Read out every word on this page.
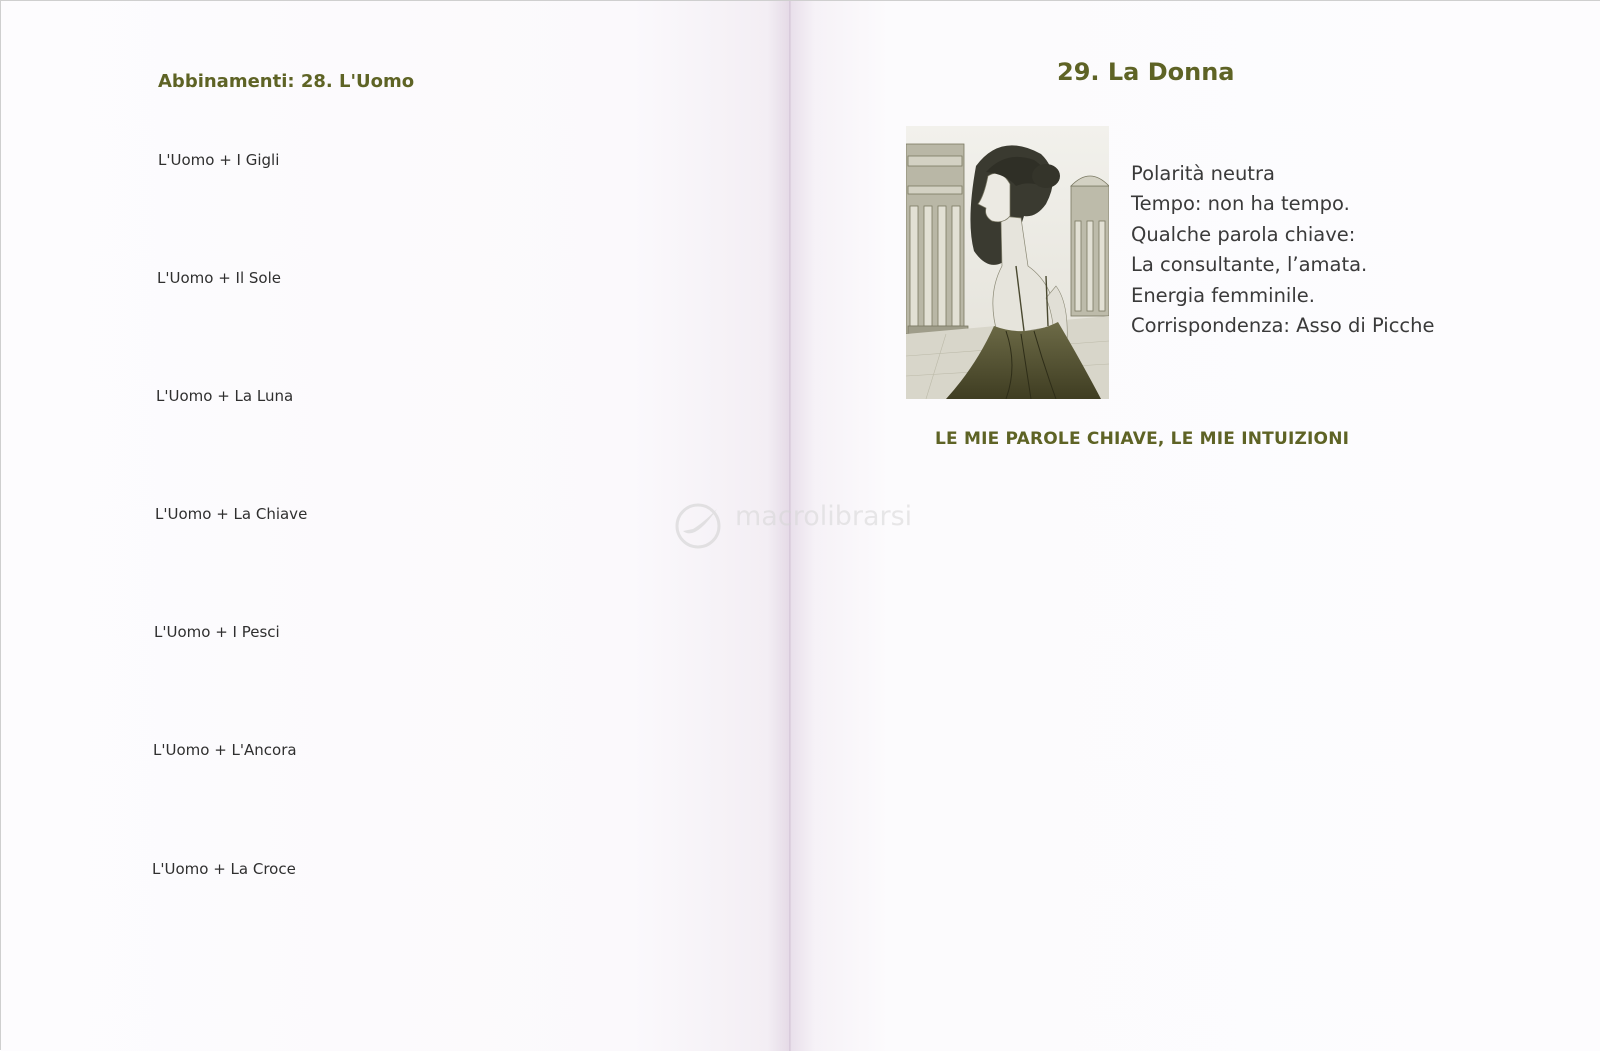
Abbinamenti: 28. L'Uomo
L'Uomo + I Gigli
L'Uomo + Il Sole
L'Uomo + La Luna
L'Uomo + La Chiave
L'Uomo + I Pesci
L'Uomo + L'Ancora
L'Uomo + La Croce
29. La Donna
Polarità neutra
Tempo: non ha tempo.
Qualche parola chiave:
La consultante, l’amata.
Energia femminile.
Corrispondenza: Asso di Picche
LE MIE PAROLE CHIAVE, LE MIE INTUIZIONI
macrolibrarsi
